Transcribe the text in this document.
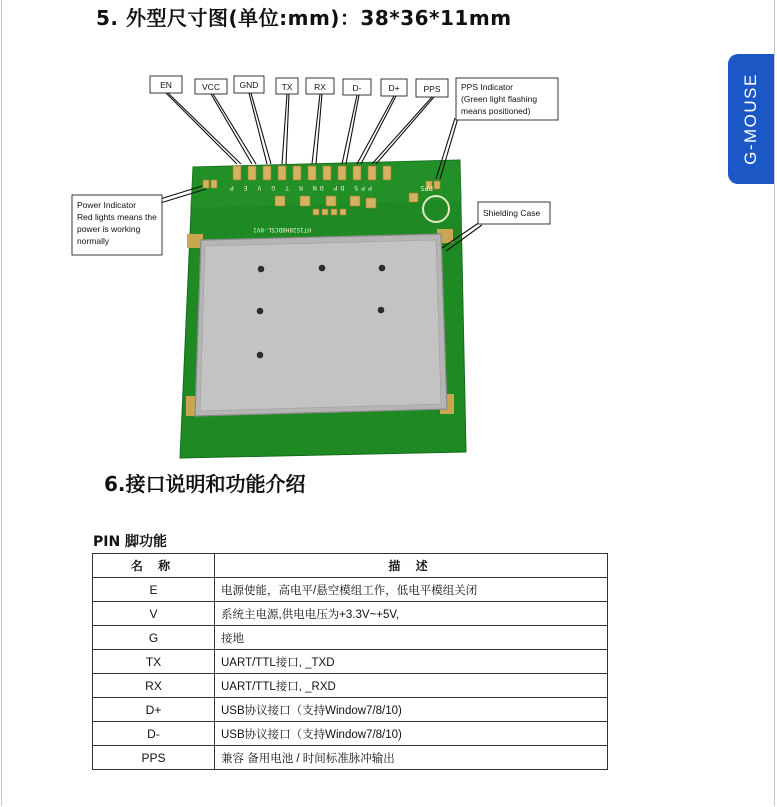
5. 外型尺寸图(单位:mm)：38*36*11mm
G-MOUSE
PPS DP DN R T G V E P	PPS
HT1528H8DCSL-0V1
EN	VCC GND	TX	RX	D-	D+	PPS PPS Indicator
(Green light flashing
means positioned)
Power Indicator
Red lights means the
power is working
normally
Shielding Case
6.接口说明和功能介绍
PIN 脚功能
名 称	描 述
E	电源使能，高电平/悬空模组工作，低电平模组关闭
V	系统主电源,供电电压为+3.3V~+5V,
G	接地
TX	UART/TTL接口, _TXD
RX	UART/TTL接口, _RXD
D+	USB协议接口（支持Window7/8/10)
D-	USB协议接口（支持Window7/8/10)
PPS	兼容 备用电池 / 时间标准脉冲输出
